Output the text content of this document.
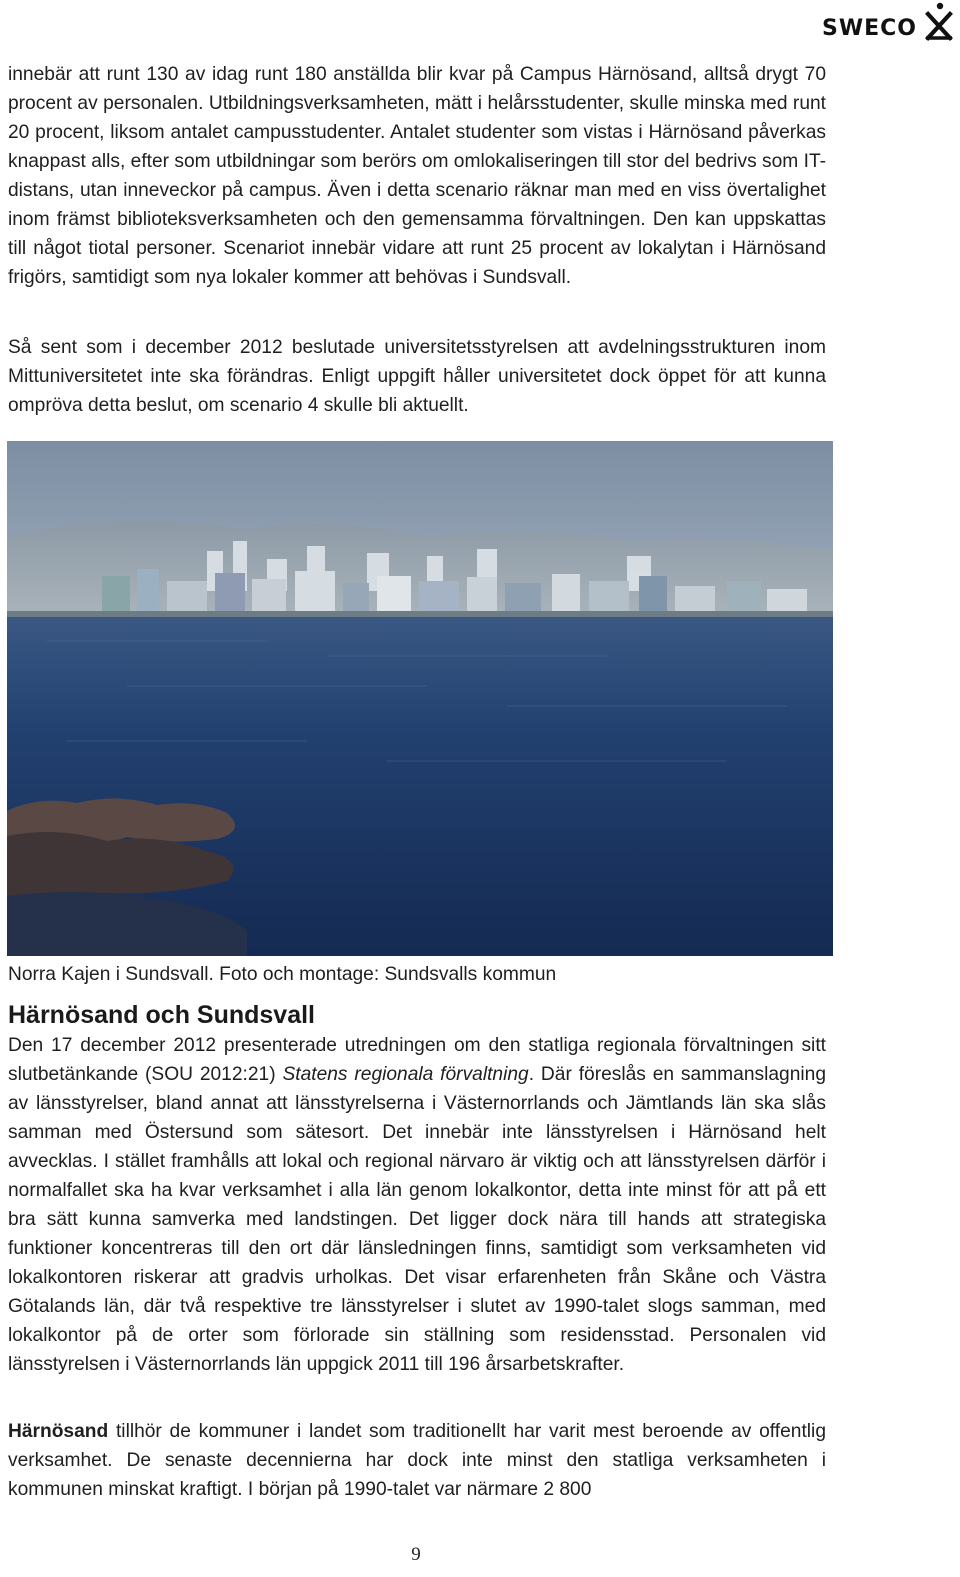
SWECO
innebär att runt 130 av idag runt 180 anställda blir kvar på Campus Härnösand, alltså drygt 70 procent av personalen. Utbildningsverksamheten, mätt i helårsstudenter, skulle minska med runt 20 procent, liksom antalet campusstudenter. Antalet studenter som vistas i Härnösand påverkas knappast alls, efter som utbildningar som berörs om omlokaliseringen till stor del bedrivs som IT-distans, utan inneveckor på campus. Även i detta scenario räknar man med en viss övertalighet inom främst biblioteksverksamheten och den gemensamma förvaltningen. Den kan uppskattas till något tiotal personer. Scenariot innebär vidare att runt 25 procent av lokalytan i Härnösand frigörs, samtidigt som nya lokaler kommer att behövas i Sundsvall.
Så sent som i december 2012 beslutade universitetsstyrelsen att avdelningsstrukturen inom Mittuniversitetet inte ska förändras. Enligt uppgift håller universitetet dock öppet för att kunna ompröva detta beslut, om scenario 4 skulle bli aktuellt.
Norra Kajen i Sundsvall. Foto och montage: Sundsvalls kommun
Härnösand och Sundsvall
Den 17 december 2012 presenterade utredningen om den statliga regionala förvaltningen sitt slutbetänkande (SOU 2012:21) Statens regionala förvaltning. Där föreslås en sammanslagning av länsstyrelser, bland annat att länsstyrelserna i Västernorrlands och Jämtlands län ska slås samman med Östersund som sätesort. Det innebär inte länsstyrelsen i Härnösand helt avvecklas. I stället framhålls att lokal och regional närvaro är viktig och att länsstyrelsen därför i normalfallet ska ha kvar verksamhet i alla län genom lokalkontor, detta inte minst för att på ett bra sätt kunna samverka med landstingen. Det ligger dock nära till hands att strategiska funktioner koncentreras till den ort där länsledningen finns, samtidigt som verksamheten vid lokalkontoren riskerar att gradvis urholkas. Det visar erfarenheten från Skåne och Västra Götalands län, där två respektive tre länsstyrelser i slutet av 1990-talet slogs samman, med lokalkontor på de orter som förlorade sin ställning som residensstad. Personalen vid länsstyrelsen i Västernorrlands län uppgick 2011 till 196 årsarbetskrafter.
Härnösand tillhör de kommuner i landet som traditionellt har varit mest beroende av offentlig verksamhet. De senaste decennierna har dock inte minst den statliga verksamheten i kommunen minskat kraftigt. I början på 1990-talet var närmare 2 800
9
